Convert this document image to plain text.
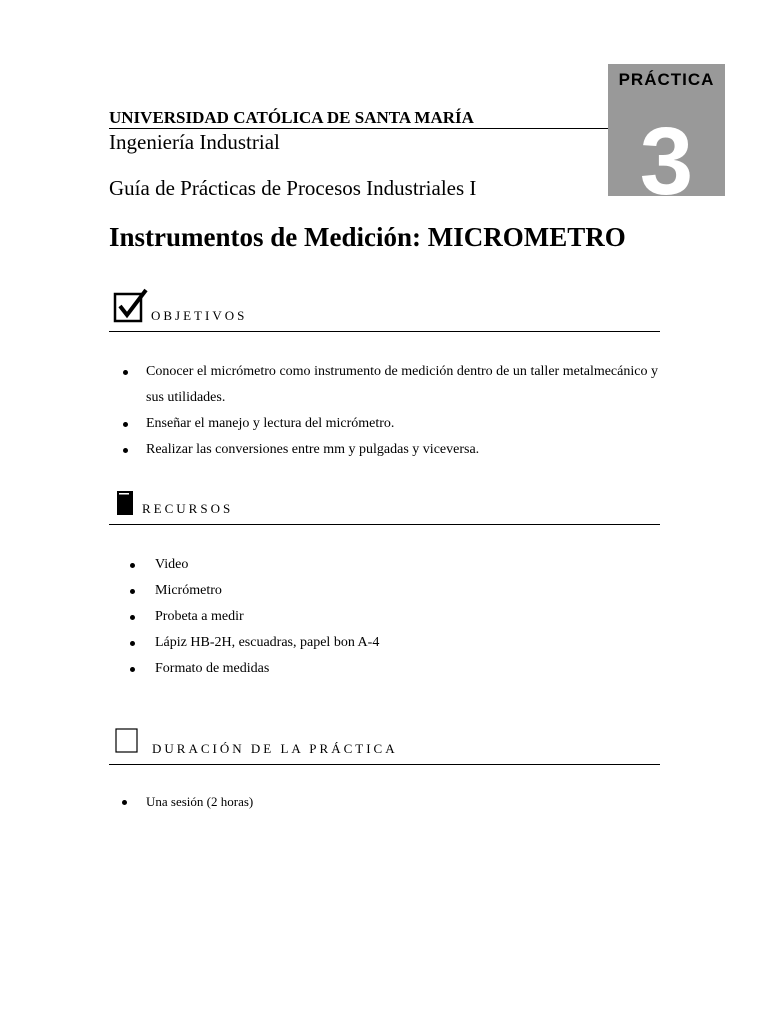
PRÁCTICA
3
UNIVERSIDAD CATÓLICA DE SANTA MARÍA
Ingeniería Industrial
Guía de Prácticas de Procesos Industriales I
Instrumentos de Medición: MICROMETRO
OBJETIVOS
Conocer el micrómetro como instrumento de medición dentro de un taller metalmecánico y sus utilidades.
Enseñar el manejo y lectura del micrómetro.
Realizar las conversiones entre mm y pulgadas y viceversa.
RECURSOS
Video
Micrómetro
Probeta a medir
Lápiz HB-2H, escuadras, papel bon A-4
Formato de medidas
DURACIÓN DE LA PRÁCTICA
Una sesión (2 horas)
